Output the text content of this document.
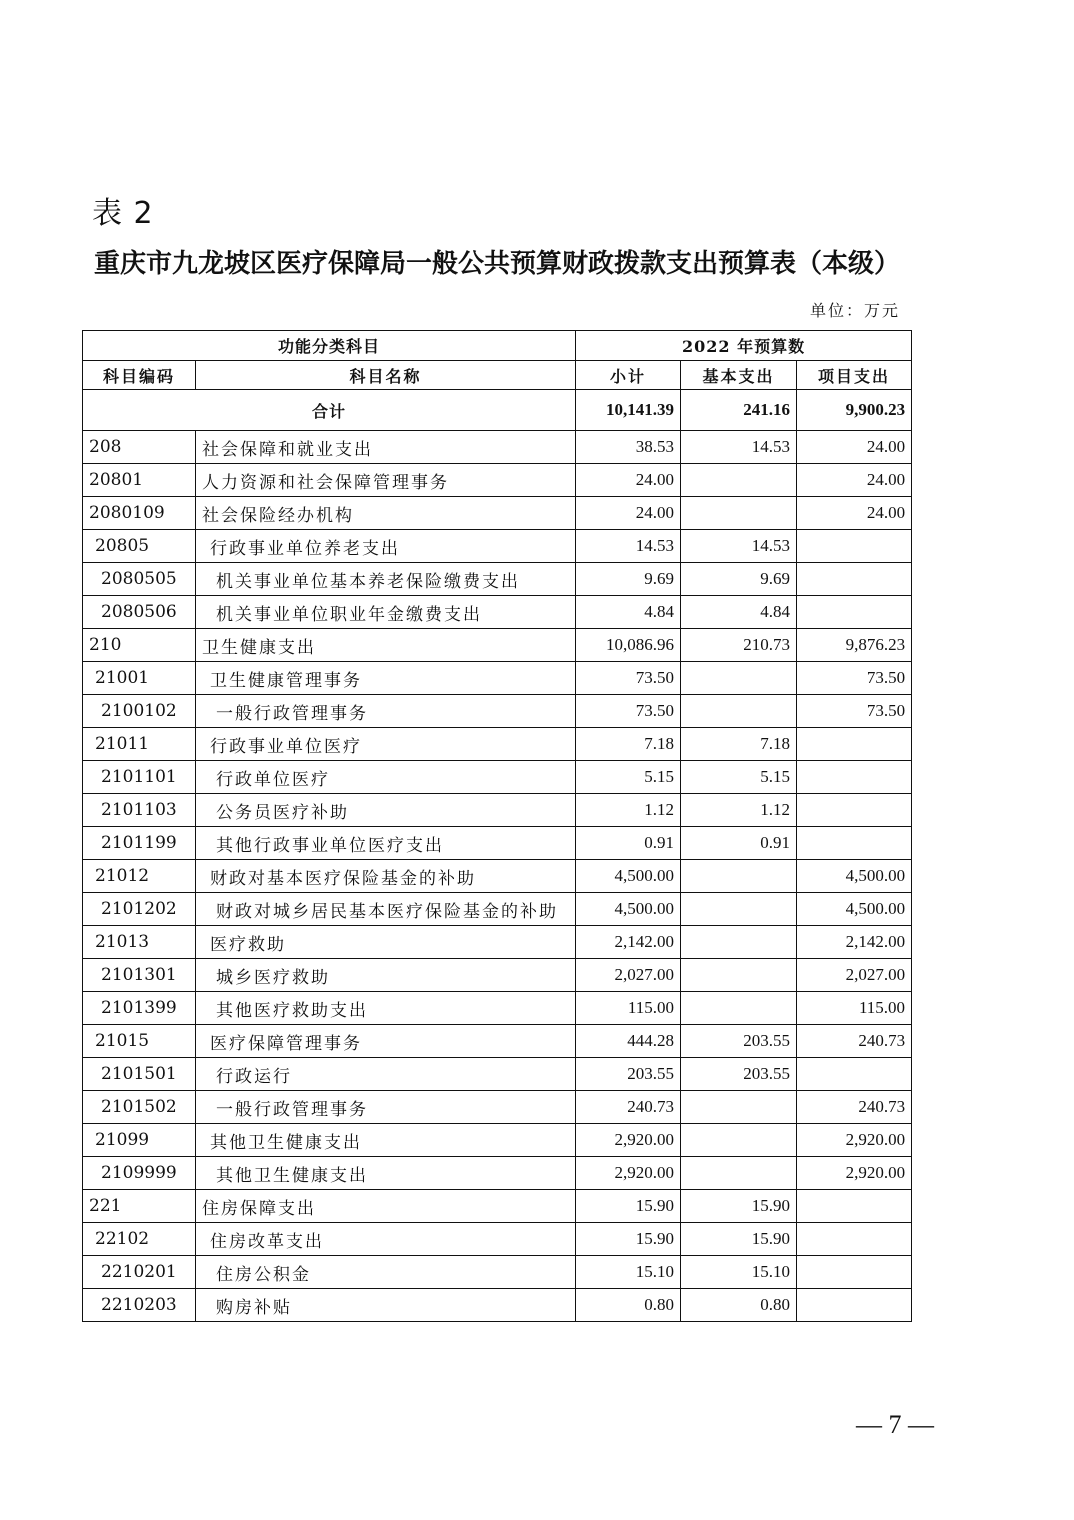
表 2
重庆市九龙坡区医疗保障局一般公共预算财政拨款支出预算表（本级）
单位：万元
功能分类科目		2022 年预算数		
科目编码	科目名称	小计	基本支出	项目支出
合计		10,141.39	241.16	9,900.23
208	社会保障和就业支出	38.53	14.53	24.00
20801	人力资源和社会保障管理事务	24.00		24.00
2080109	社会保险经办机构	24.00		24.00
20805	行政事业单位养老支出	14.53	14.53	
2080505	机关事业单位基本养老保险缴费支出	9.69	9.69	
2080506	机关事业单位职业年金缴费支出	4.84	4.84	
210	卫生健康支出	10,086.96	210.73	9,876.23
21001	卫生健康管理事务	73.50		73.50
2100102	一般行政管理事务	73.50		73.50
21011	行政事业单位医疗	7.18	7.18	
2101101	行政单位医疗	5.15	5.15	
2101103	公务员医疗补助	1.12	1.12	
2101199	其他行政事业单位医疗支出	0.91	0.91	
21012	财政对基本医疗保险基金的补助	4,500.00		4,500.00
2101202	财政对城乡居民基本医疗保险基金的补助	4,500.00		4,500.00
21013	医疗救助	2,142.00		2,142.00
2101301	城乡医疗救助	2,027.00		2,027.00
2101399	其他医疗救助支出	115.00		115.00
21015	医疗保障管理事务	444.28	203.55	240.73
2101501	行政运行	203.55	203.55	
2101502	一般行政管理事务	240.73		240.73
21099	其他卫生健康支出	2,920.00		2,920.00
2109999	其他卫生健康支出	2,920.00		2,920.00
221	住房保障支出	15.90	15.90	
22102	住房改革支出	15.90	15.90	
2210201	住房公积金	15.10	15.10	
2210203	购房补贴	0.80	0.80	
— 7 —
